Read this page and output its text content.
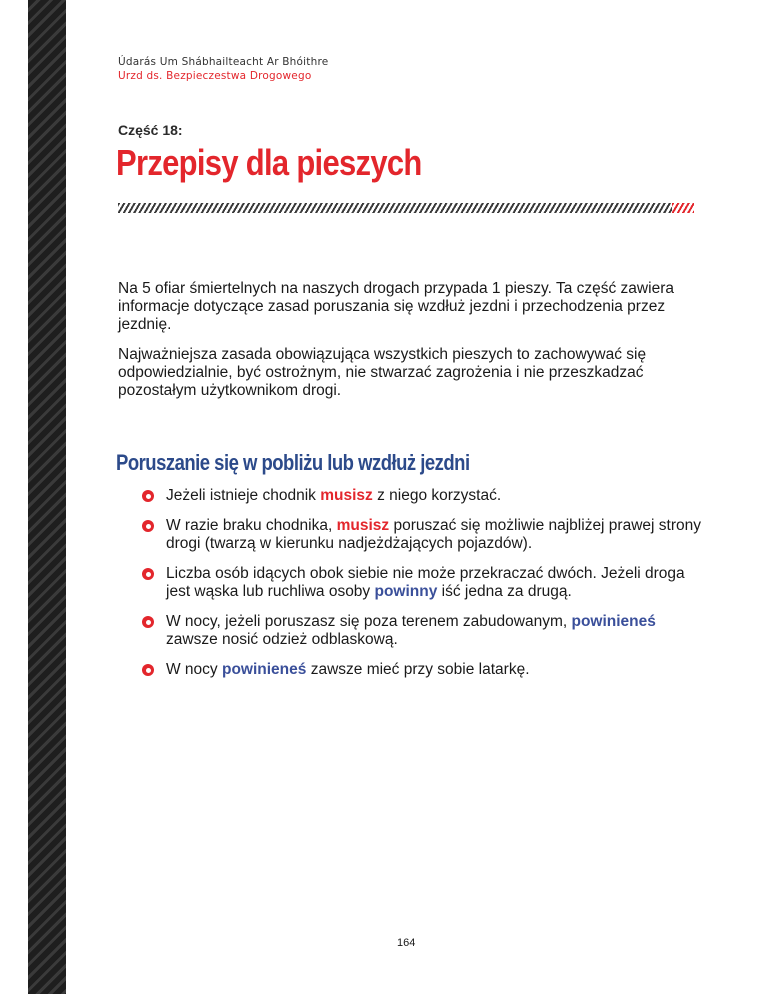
Údarás Um Shábhailteacht Ar Bhóithre
Urzd ds. Bezpieczestwa Drogowego
Część 18:
Przepisy dla pieszych

Na 5 ofiar śmiertelnych na naszych drogach przypada 1 pieszy. Ta część zawiera informacje dotyczące zasad poruszania się wzdłuż jezdni i przechodzenia przez jezdnię.

Najważniejsza zasada obowiązująca wszystkich pieszych to zachowywać się odpowiedzialnie, być ostrożnym, nie stwarzać zagrożenia i nie przeszkadzać pozostałym użytkownikom drogi.

Poruszanie się w pobliżu lub wzdłuż jezdni
Jeżeli istnieje chodnik musisz z niego korzystać.
W razie braku chodnika, musisz poruszać się możliwie najbliżej prawej strony drogi (twarzą w kierunku nadjeżdżających pojazdów).
Liczba osób idących obok siebie nie może przekraczać dwóch. Jeżeli droga jest wąska lub ruchliwa osoby powinny iść jedna za drugą.
W nocy, jeżeli poruszasz się poza terenem zabudowanym, powinieneś zawsze nosić odzież odblaskową.
W nocy powinieneś zawsze mieć przy sobie latarkę.
164
